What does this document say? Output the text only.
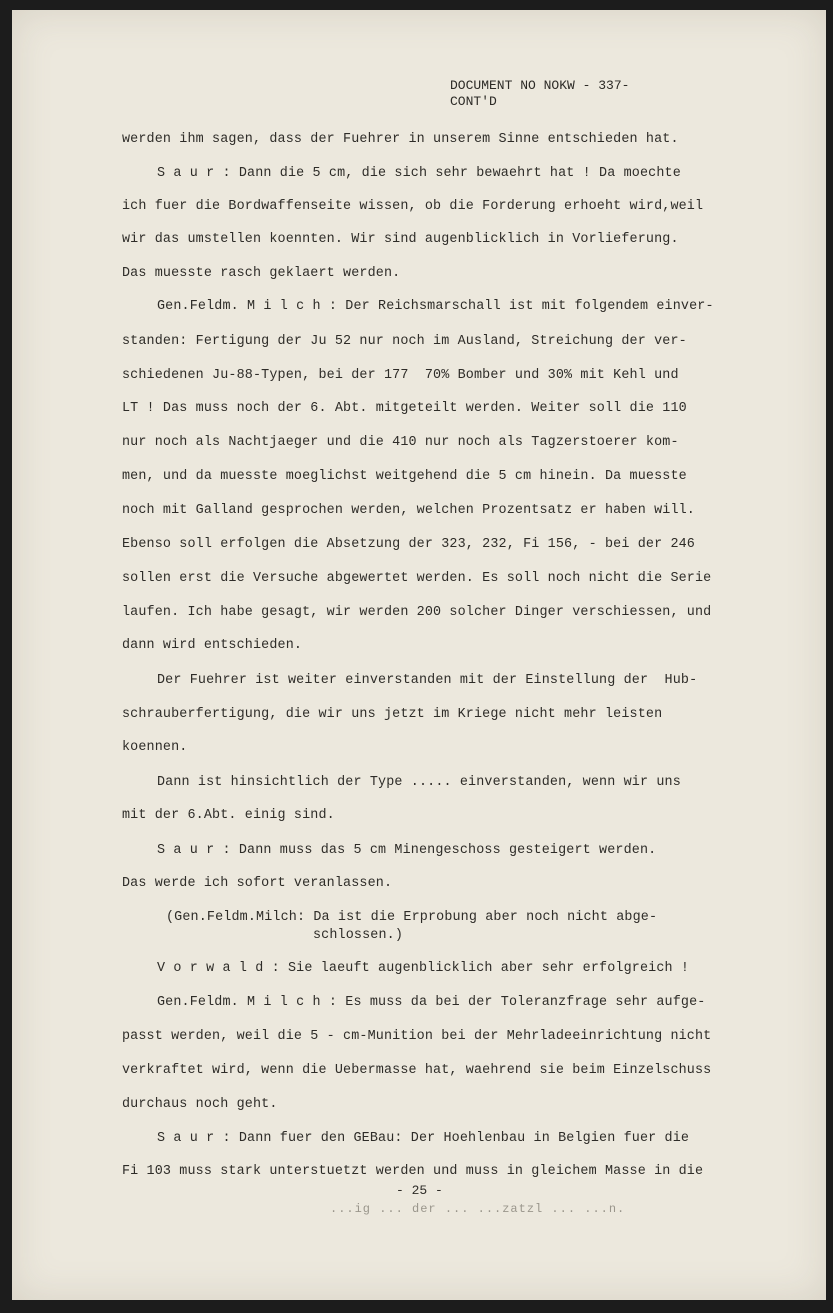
DOCUMENT NO NOKW - 337-
CONT'D
werden ihm sagen, dass der Fuehrer in unserem Sinne entschieden hat.
S a u r : Dann die 5 cm, die sich sehr bewaehrt hat ! Da moechte
ich fuer die Bordwaffenseite wissen, ob die Forderung erhoeht wird,weil
wir das umstellen koennten. Wir sind augenblicklich in Vorlieferung.
Das muesste rasch geklaert werden.
Gen.Feldm. M i l c h : Der Reichsmarschall ist mit folgendem einver-
standen: Fertigung der Ju 52 nur noch im Ausland, Streichung der ver-
schiedenen Ju-88-Typen, bei der 177  70% Bomber und 30% mit Kehl und
LT ! Das muss noch der 6. Abt. mitgeteilt werden. Weiter soll die 110
nur noch als Nachtjaeger und die 410 nur noch als Tagzerstoerer kom-
men, und da muesste moeglichst weitgehend die 5 cm hinein. Da muesste
noch mit Galland gesprochen werden, welchen Prozentsatz er haben will.
Ebenso soll erfolgen die Absetzung der 323, 232, Fi 156, - bei der 246
sollen erst die Versuche abgewertet werden. Es soll noch nicht die Serie
laufen. Ich habe gesagt, wir werden 200 solcher Dinger verschiessen, und
dann wird entschieden.
Der Fuehrer ist weiter einverstanden mit der Einstellung der  Hub-
schrauberfertigung, die wir uns jetzt im Kriege nicht mehr leisten
koennen.
Dann ist hinsichtlich der Type ..... einverstanden, wenn wir uns
mit der 6.Abt. einig sind.
S a u r : Dann muss das 5 cm Minengeschoss gesteigert werden.
Das werde ich sofort veranlassen.
(Gen.Feldm.Milch: Da ist die Erprobung aber noch nicht abge-
schlossen.)
V o r w a l d : Sie laeuft augenblicklich aber sehr erfolgreich !
Gen.Feldm. M i l c h : Es muss da bei der Toleranzfrage sehr aufge-
passt werden, weil die 5 - cm-Munition bei der Mehrladeeinrichtung nicht
verkraftet wird, wenn die Uebermasse hat, waehrend sie beim Einzelschuss
durchaus noch geht.
S a u r : Dann fuer den GEBau: Der Hoehlenbau in Belgien fuer die
Fi 103 muss stark unterstuetzt werden und muss in gleichem Masse in die
- 25 -
...ig ... der ... ...zatzl ... ...n.
